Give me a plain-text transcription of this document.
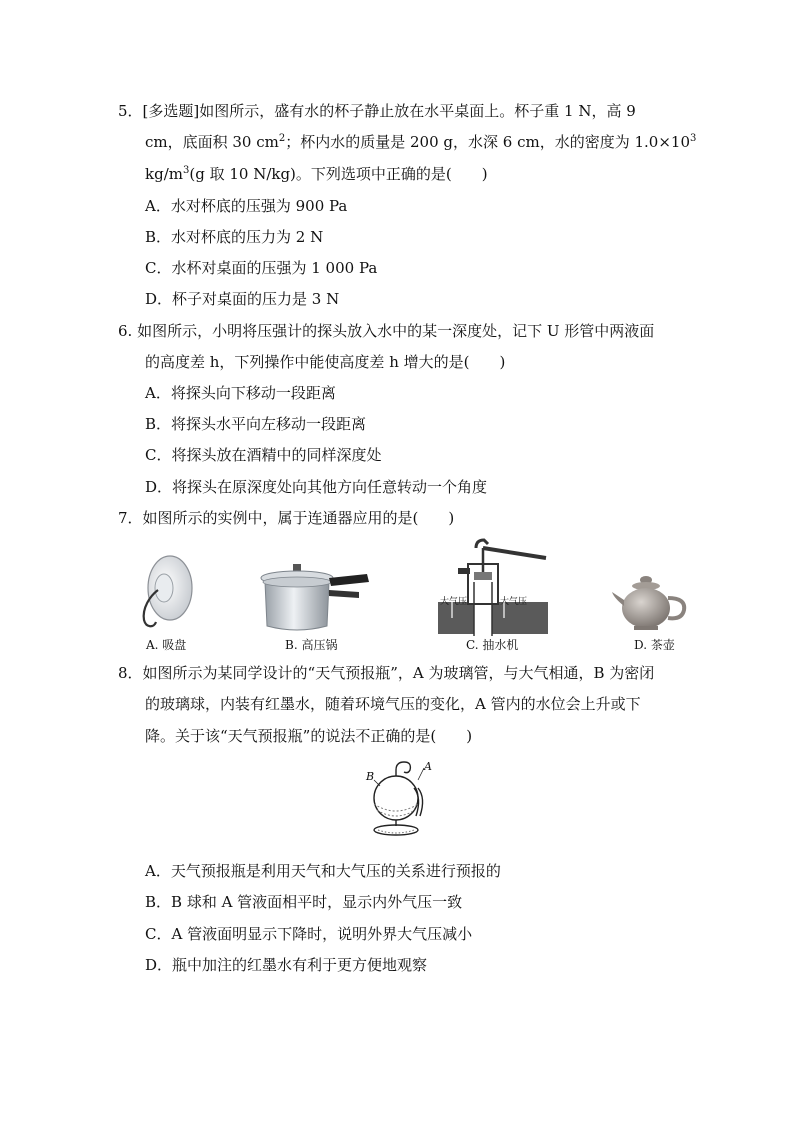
5．[多选题]如图所示，盛有水的杯子静止放在水平桌面上。杯子重 1 N，高 9
cm，底面积 30 $cm^2$；杯内水的质量是 200 g，水深 6 cm，水的密度为 $1.0\times 10^3$
$kg/m^3(g$ 取 10 N/kg)。下列选项中正确的是(　　)
A．水对杯底的压强为 900 Pa
B．水对杯底的压力为 2 N
C．水杯对桌面的压强为 1 000 Pa
D．杯子对桌面的压力是 3 N
6. 如图所示，小明将压强计的探头放入水中的某一深度处，记下 U 形管中两液面
的高度差 h，下列操作中能使高度差 h 增大的是(　　)
A．将探头向下移动一段距离
B．将探头水平向左移动一段距离
C．将探头放在酒精中的同样深度处
D．将探头在原深度处向其他方向任意转动一个角度
7．如图所示的实例中，属于连通器应用的是(　　)
A. 吸盘	B. 高压锅
大气压	大气压
C. 抽水机	D. 茶壶
8．如图所示为某同学设计的“天气预报瓶”，A 为玻璃管，与大气相通，B 为密闭
的玻璃球，内装有红墨水，随着环境气压的变化，A 管内的水位会上升或下
降。关于该“天气预报瓶”的说法不正确的是(　　)
B
A
A．天气预报瓶是利用天气和大气压的关系进行预报的
B．B 球和 A 管液面相平时，显示内外气压一致
C．A 管液面明显示下降时，说明外界大气压减小
D．瓶中加注的红墨水有利于更方便地观察
